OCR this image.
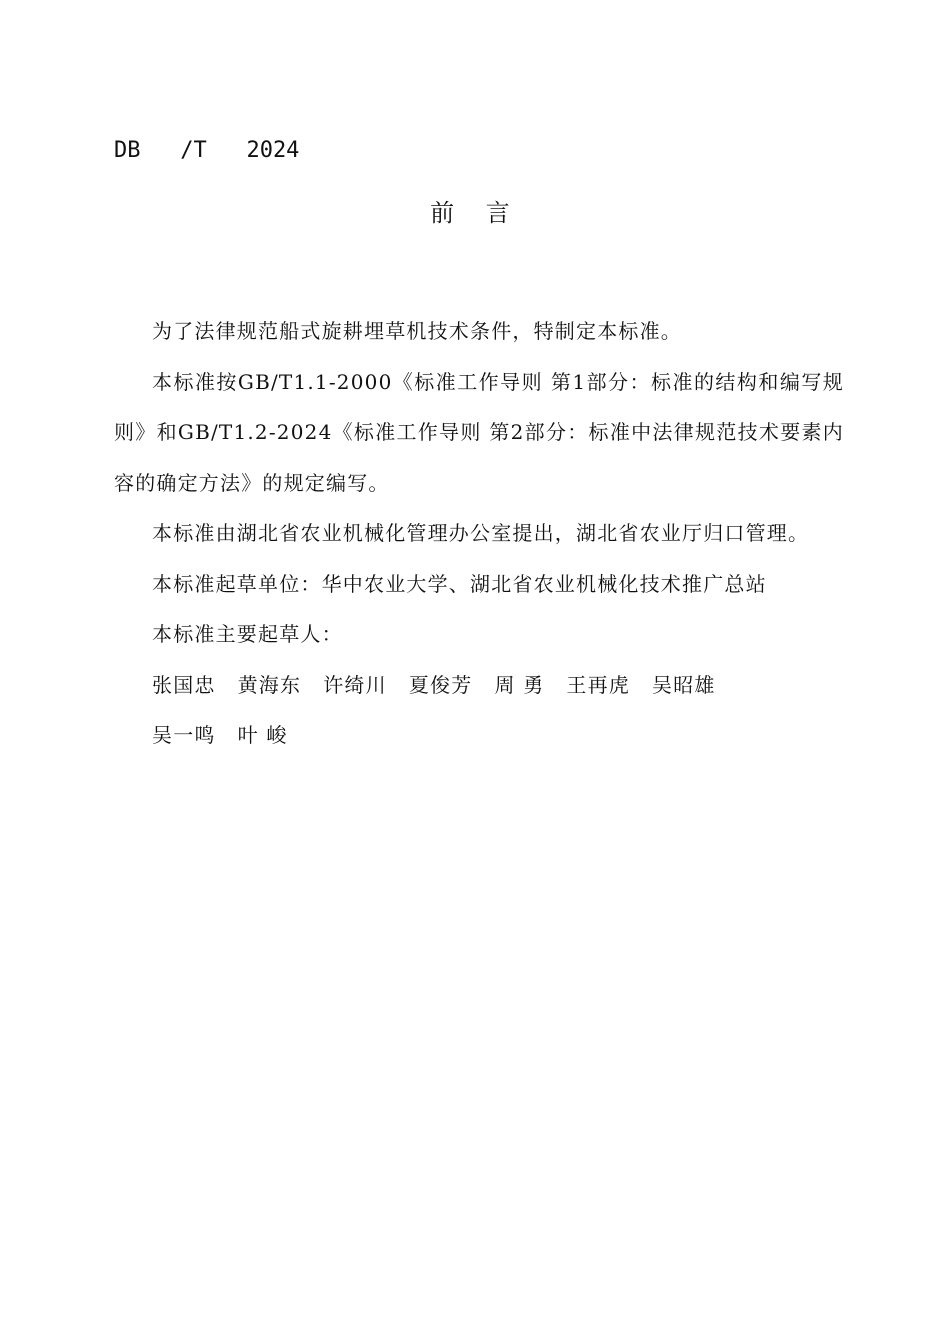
DB   /T   2024
前 言

为了法律规范船式旋耕埋草机技术条件，特制定本标准。

本标准按GB/T1.1-2000《标准工作导则 第1部分：标准的结构和编写规则》和GB/T1.2-2024《标准工作导则 第2部分：标准中法律规范技术要素内容的确定方法》的规定编写。

本标准由湖北省农业机械化管理办公室提出，湖北省农业厅归口管理。

本标准起草单位：华中农业大学、湖北省农业机械化技术推广总站

本标准主要起草人：

张国忠 黄海东 许绮川 夏俊芳 周 勇 王再虎 吴昭雄
吴一鸣 叶 峻
